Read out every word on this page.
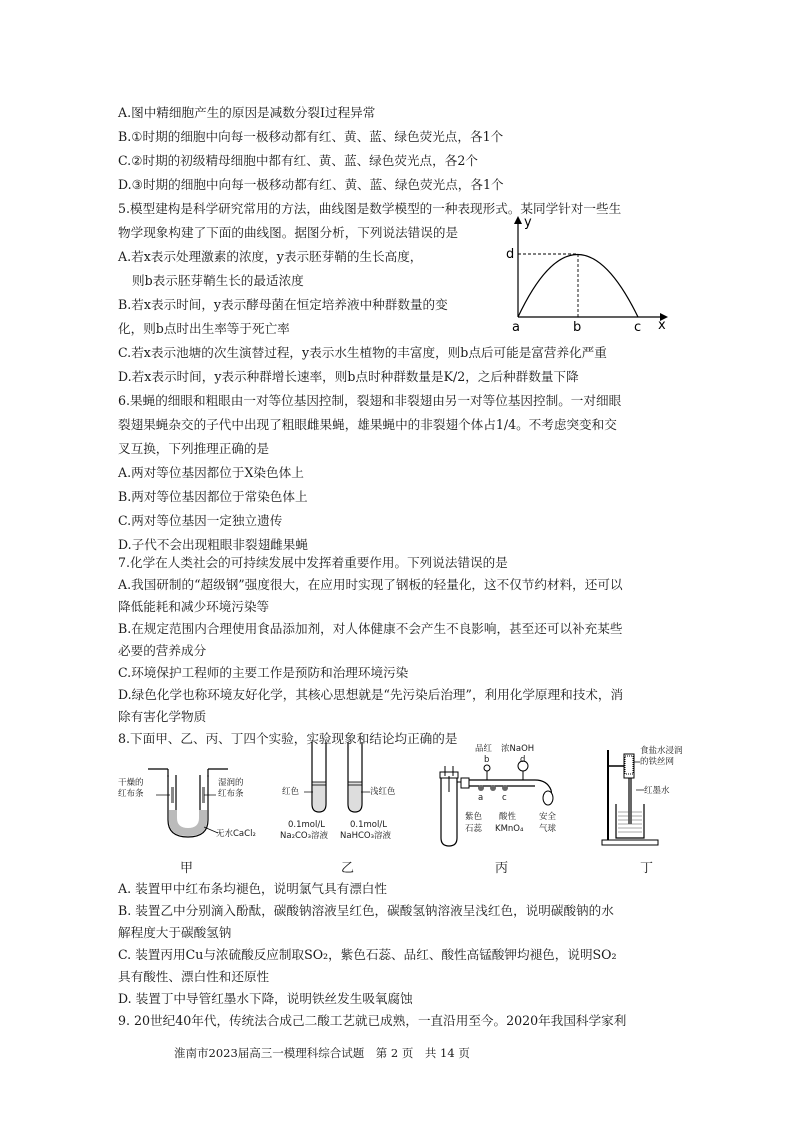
A.图中精细胞产生的原因是减数分裂Ⅰ过程异常
B.①时期的细胞中向每一极移动都有红、黄、蓝、绿色荧光点，各1个
C.②时期的初级精母细胞中都有红、黄、蓝、绿色荧光点，各2个
D.③时期的细胞中向每一极移动都有红、黄、蓝、绿色荧光点，各1个
5.模型建构是科学研究常用的方法，曲线图是数学模型的一种表现形式。某同学针对一些生
物学现象构建了下面的曲线图。据图分析，下列说法错误的是
A.若x表示处理激素的浓度，y表示胚芽鞘的生长高度，
则b表示胚芽鞘生长的最适浓度
B.若x表示时间，y表示酵母菌在恒定培养液中种群数量的变
化，则b点时出生率等于死亡率
C.若x表示池塘的次生演替过程，y表示水生植物的丰富度，则b点后可能是富营养化严重
D.若x表示时间，y表示种群增长速率，则b点时种群数量是K/2，之后种群数量下降
y
x
d
a	b	c
6.果蝇的细眼和粗眼由一对等位基因控制，裂翅和非裂翅由另一对等位基因控制。一对细眼
裂翅果蝇杂交的子代中出现了粗眼雌果蝇，雄果蝇中的非裂翅个体占1/4。不考虑突变和交
叉互换，下列推理正确的是
A.两对等位基因都位于X染色体上
B.两对等位基因都位于常染色体上
C.两对等位基因一定独立遗传
D.子代不会出现粗眼非裂翅雌果蝇
7.化学在人类社会的可持续发展中发挥着重要作用。下列说法错误的是
A.我国研制的“超级钢”强度很大，在应用时实现了钢板的轻量化，这不仅节约材料，还可以
降低能耗和减少环境污染等
B.在规定范围内合理使用食品添加剂，对人体健康不会产生不良影响，甚至还可以补充某些
必要的营养成分
C.环境保护工程师的主要工作是预防和治理环境污染
D.绿色化学也称环境友好化学，其核心思想就是“先污染后治理”，利用化学原理和技术，消
除有害化学物质
8.下面甲、乙、丙、丁四个实验，实验现象和结论均正确的是
干燥的
红布条
湿润的
红布条
无水CaCl₂
甲
红色	浅红色
0.1mol/L
Na₂CO₃溶液
0.1mol/L
NaHCO₃溶液
乙
品红 浓NaOH
b	d
a c
紫色
石蕊
酸性
KMnO₄
安全
气球
丙
食盐水浸润
的铁丝网
红墨水
丁
A. 装置甲中红布条均褪色，说明氯气具有漂白性
B. 装置乙中分别滴入酚酞，碳酸钠溶液呈红色，碳酸氢钠溶液呈浅红色，说明碳酸钠的水
解程度大于碳酸氢钠
C. 装置丙用Cu与浓硫酸反应制取SO₂，紫色石蕊、品红、酸性高锰酸钾均褪色，说明SO₂
具有酸性、漂白性和还原性
D. 装置丁中导管红墨水下降，说明铁丝发生吸氧腐蚀
9. 20世纪40年代，传统法合成己二酸工艺就已成熟，一直沿用至今。2020年我国科学家利
淮南市2023届高三一模理科综合试题　第 2 页　共 14 页
